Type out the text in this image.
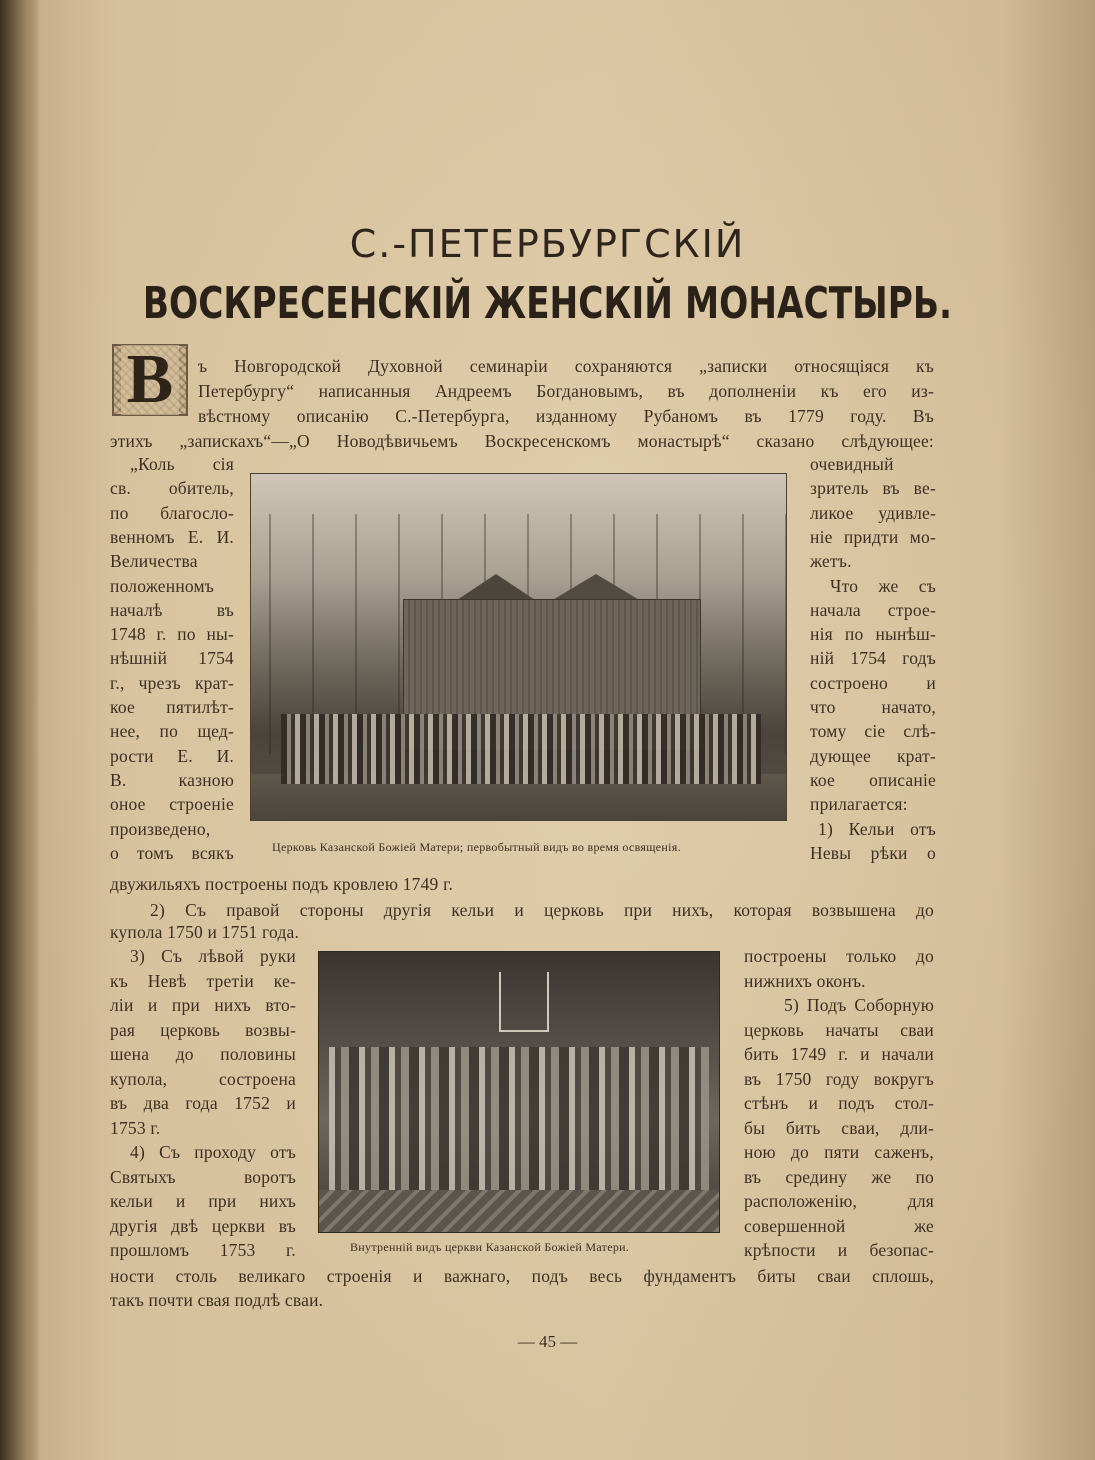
С.-ПЕТЕРБУРГСКІЙ
ВОСКРЕСЕНСКІЙ ЖЕНСКІЙ МОНАСТЫРЬ.
В	ъ Новгородской Духовной семинаріи сохраняются „записки относящіяся къ
Петербургу“ написанныя Андреемъ Богдановымъ, въ дополненіи къ его из-
вѣстному описанію С.-Петербурга, изданному Рубаномъ въ 1779 году. Въ
этихъ „запискахъ“—„О Новодѣвичьемъ Воскресенскомъ монастырѣ“ сказано слѣдующее:
„Коль сія
св. обитель,
по благосло-
венномъ Е. И.
Величества
положенномъ
началѣ въ
1748 г. по ны-
нѣшній 1754
г., чрезъ крат-
кое пятилѣт-
нее, по щед-
рости Е. И.
В. казною
оное строеніе
произведено,
о томъ всякъ
очевидный
зритель въ ве-
ликое удивле-
ніе придти мо-
жетъ.
Что же съ
начала строе-
нія по нынѣш-
ній 1754 годъ
состроено и
что начато,
тому сіе слѣ-
дующее крат-
кое описаніе
прилагается:
1) Кельи отъ
Невы рѣки о
Церковь Казанской Божіей Матери; первобытный видъ во время освященія.
двужильяхъ построены подъ кровлею 1749 г.
2) Съ правой стороны другія кельи и церковь при нихъ, которая возвышена до
купола 1750 и 1751 года.
3) Съ лѣвой руки
къ Невѣ третіи ке-
ліи и при нихъ вто-
рая церковь возвы-
шена до половины
купола, состроена
въ два года 1752 и
1753 г.
4) Съ проходу отъ
Святыхъ воротъ
кельи и при нихъ
другія двѣ церкви въ
прошломъ 1753 г.
построены только до
нижнихъ оконъ.
5) Подъ Соборную
церковь начаты сваи
бить 1749 г. и начали
въ 1750 году вокругъ
стѣнъ и подъ стол-
бы бить сваи, дли-
ною до пяти саженъ,
въ средину же по
расположенію, для
совершенной же
крѣпости и безопас-
Внутренній видъ церкви Казанской Божіей Матери.
ности столь великаго строенія и важнаго, подъ весь фундаментъ биты сваи сплошь,
такъ почти свая подлѣ сваи.
— 45 —
